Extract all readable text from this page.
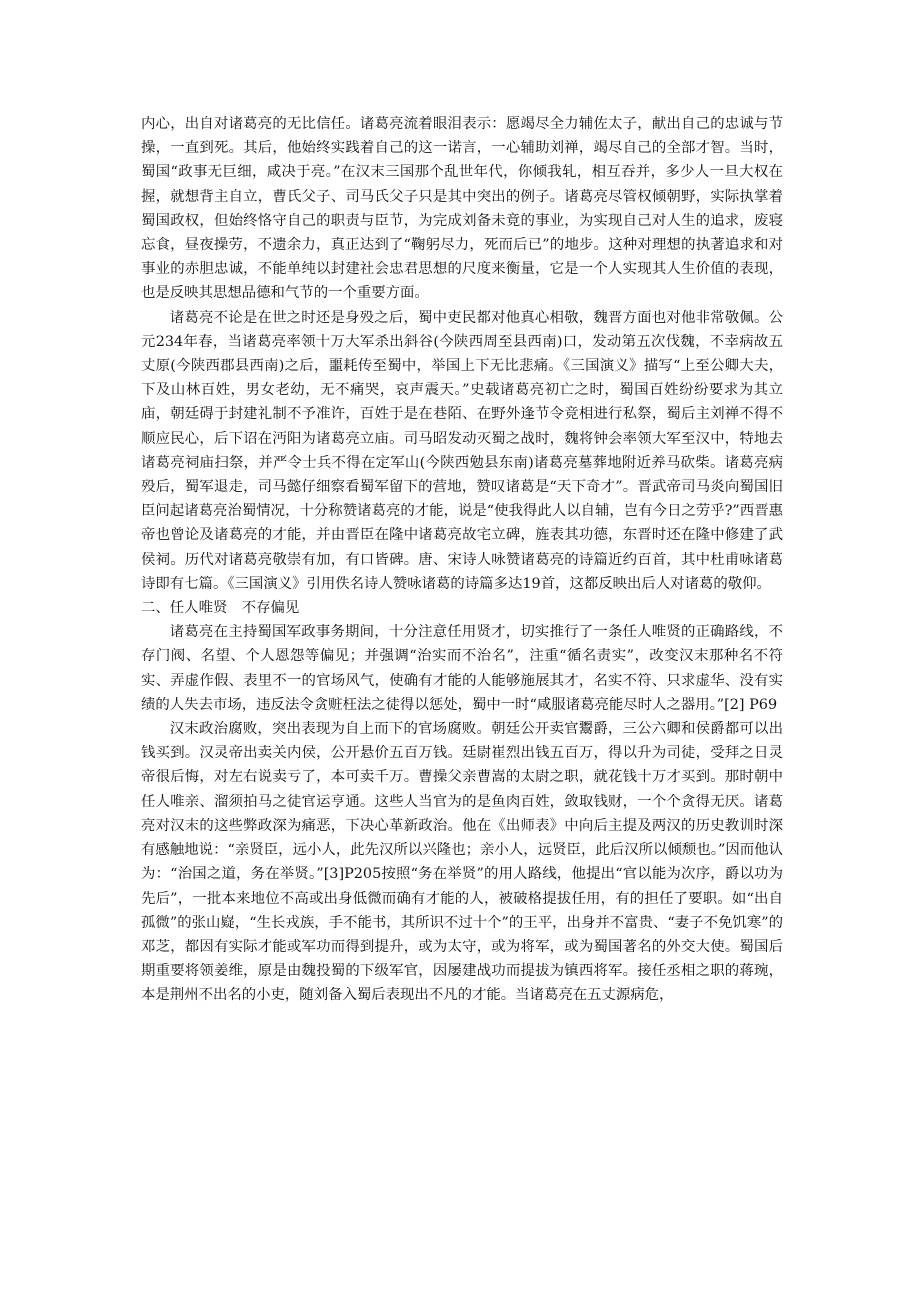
内心，出自对诸葛亮的无比信任。诸葛亮流着眼泪表示：愿竭尽全力辅佐太子，献出自己的忠诚与节操，一直到死。其后，他始终实践着自己的这一诺言，一心辅助刘禅，竭尽自己的全部才智。当时，蜀国“政事无巨细，咸决于亮。”在汉末三国那个乱世年代，你倾我轧，相互吞并，多少人一旦大权在握，就想背主自立，曹氏父子、司马氏父子只是其中突出的例子。诸葛亮尽管权倾朝野，实际执掌着蜀国政权，但始终恪守自己的职责与臣节，为完成刘备未竟的事业，为实现自己对人生的追求，废寝忘食，昼夜操劳，不遗余力，真正达到了“鞠躬尽力，死而后已”的地步。这种对理想的执著追求和对事业的赤胆忠诚，不能单纯以封建社会忠君思想的尺度来衡量，它是一个人实现其人生价值的表现，也是反映其思想品德和气节的一个重要方面。

诸葛亮不论是在世之时还是身殁之后，蜀中吏民都对他真心相敬，魏晋方面也对他非常敬佩。公元234年春，当诸葛亮率领十万大军杀出斜谷(今陕西周至县西南)口，发动第五次伐魏，不幸病故五丈原(今陕西郡县西南)之后，噩耗传至蜀中，举国上下无比悲痛。《三国演义》描写“上至公卿大夫，下及山林百姓，男女老幼，无不痛哭，哀声震天。”史载诸葛亮初亡之时，蜀国百姓纷纷要求为其立庙，朝廷碍于封建礼制不予准许，百姓于是在巷陌、在野外逢节令竞相进行私祭，蜀后主刘禅不得不顺应民心，后下诏在沔阳为诸葛亮立庙。司马昭发动灭蜀之战时，魏将钟会率领大军至汉中，特地去诸葛亮祠庙扫祭，并严令士兵不得在定军山(今陕西勉县东南)诸葛亮墓葬地附近养马砍柴。诸葛亮病殁后，蜀军退走，司马懿仔细察看蜀军留下的营地，赞叹诸葛是“天下奇才”。晋武帝司马炎向蜀国旧臣问起诸葛亮治蜀情况，十分称赞诸葛亮的才能，说是“使我得此人以自辅，岂有今日之劳乎?”西晋惠帝也曾论及诸葛亮的才能，并由晋臣在隆中诸葛亮故宅立碑，旌表其功德，东晋时还在隆中修建了武侯祠。历代对诸葛亮敬崇有加，有口皆碑。唐、宋诗人咏赞诸葛亮的诗篇近约百首，其中杜甫咏诸葛诗即有七篇。《三国演义》引用佚名诗人赞咏诸葛的诗篇多达19首，这都反映出后人对诸葛的敬仰。

二、任人唯贤　不存偏见

诸葛亮在主持蜀国军政事务期间，十分注意任用贤才，切实推行了一条任人唯贤的正确路线，不存门阀、名望、个人恩怨等偏见；并强调“治实而不治名”，注重“循名责实”，改变汉末那种名不符实、弄虚作假、表里不一的官场风气，使确有才能的人能够施展其才，名实不符、只求虚华、没有实绩的人失去市场，违反法令贪赃枉法之徒得以惩处，蜀中一时“咸服诸葛亮能尽时人之器用。”[2] P69

汉末政治腐败，突出表现为自上而下的官场腐败。朝廷公开卖官鬻爵，三公六卿和侯爵都可以出钱买到。汉灵帝出卖关内侯，公开悬价五百万钱。廷尉崔烈出钱五百万，得以升为司徒，受拜之日灵帝很后悔，对左右说卖亏了，本可卖千万。曹操父亲曹嵩的太尉之职，就花钱十万才买到。那时朝中任人唯亲、溜须拍马之徒官运亨通。这些人当官为的是鱼肉百姓，敛取钱财，一个个贪得无厌。诸葛亮对汉末的这些弊政深为痛恶，下决心革新政治。他在《出师表》中向后主提及两汉的历史教训时深有感触地说：“亲贤臣，远小人，此先汉所以兴隆也；亲小人，远贤臣，此后汉所以倾颓也。”因而他认为：“治国之道，务在举贤。”[3]P205按照“务在举贤”的用人路线，他提出“官以能为次序，爵以功为先后”，一批本来地位不高或出身低微而确有才能的人，被破格提拔任用，有的担任了要职。如“出自孤微”的张山嶷，“生长戎族，手不能书，其所识不过十个”的王平，出身并不富贵、“妻子不免饥寒”的邓芝，都因有实际才能或军功而得到提升，或为太守，或为将军，或为蜀国著名的外交大使。蜀国后期重要将领姜维，原是由魏投蜀的下级军官，因屡建战功而提拔为镇西将军。接任丞相之职的蒋琬，本是荆州不出名的小吏，随刘备入蜀后表现出不凡的才能。当诸葛亮在五丈源病危，
